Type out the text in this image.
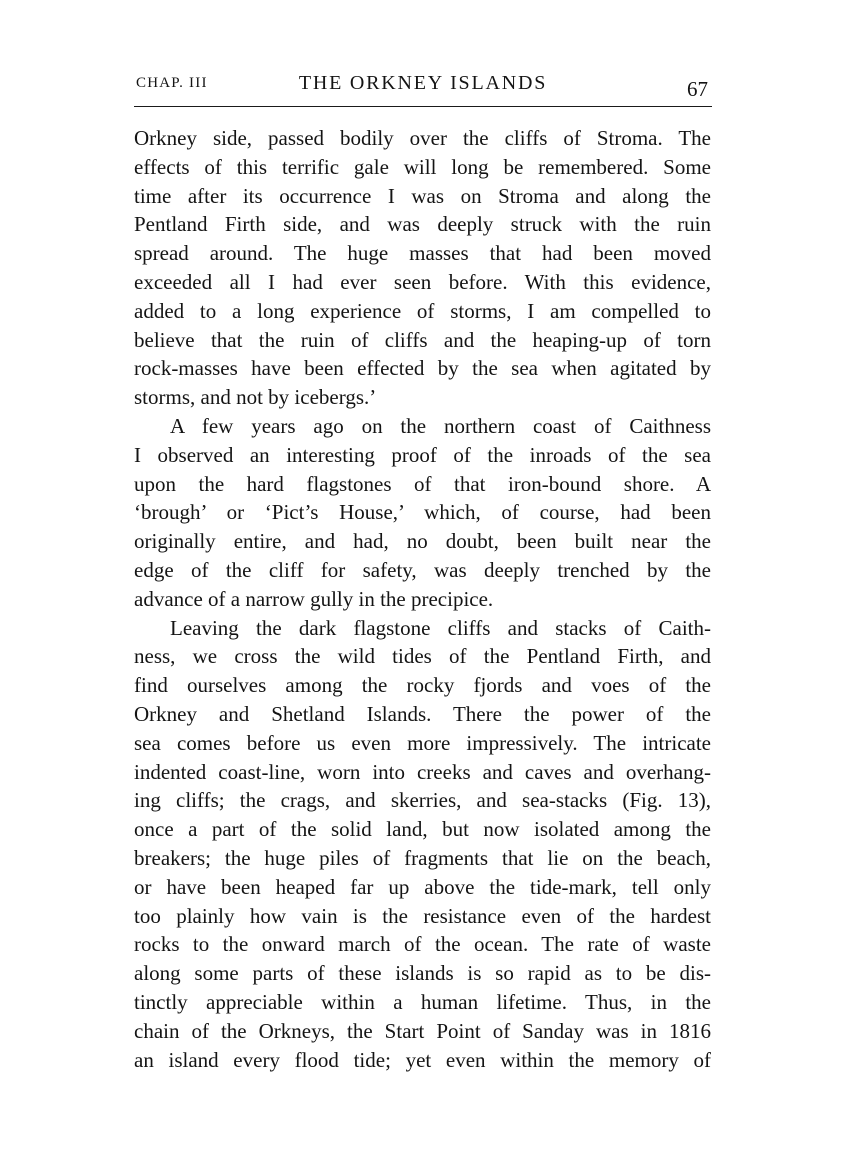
CHAP. III	THE ORKNEY ISLANDS	67
Orkney side, passed bodily over the cliffs of Stroma. The
effects of this terrific gale will long be remembered. Some
time after its occurrence I was on Stroma and along the
Pentland Firth side, and was deeply struck with the ruin
spread around. The huge masses that had been moved
exceeded all I had ever seen before. With this evidence,
added to a long experience of storms, I am compelled to
believe that the ruin of cliffs and the heaping-up of torn
rock-masses have been effected by the sea when agitated by
storms, and not by icebergs.’
A few years ago on the northern coast of Caithness
I observed an interesting proof of the inroads of the sea
upon the hard flagstones of that iron-bound shore. A
‘brough’ or ‘Pict’s House,’ which, of course, had been
originally entire, and had, no doubt, been built near the
edge of the cliff for safety, was deeply trenched by the
advance of a narrow gully in the precipice.
Leaving the dark flagstone cliffs and stacks of Caith-
ness, we cross the wild tides of the Pentland Firth, and
find ourselves among the rocky fjords and voes of the
Orkney and Shetland Islands. There the power of the
sea comes before us even more impressively. The intricate
indented coast-line, worn into creeks and caves and overhang-
ing cliffs; the crags, and skerries, and sea-stacks (Fig. 13),
once a part of the solid land, but now isolated among the
breakers; the huge piles of fragments that lie on the beach,
or have been heaped far up above the tide-mark, tell only
too plainly how vain is the resistance even of the hardest
rocks to the onward march of the ocean. The rate of waste
along some parts of these islands is so rapid as to be dis-
tinctly appreciable within a human lifetime. Thus, in the
chain of the Orkneys, the Start Point of Sanday was in 1816
an island every flood tide; yet even within the memory of
